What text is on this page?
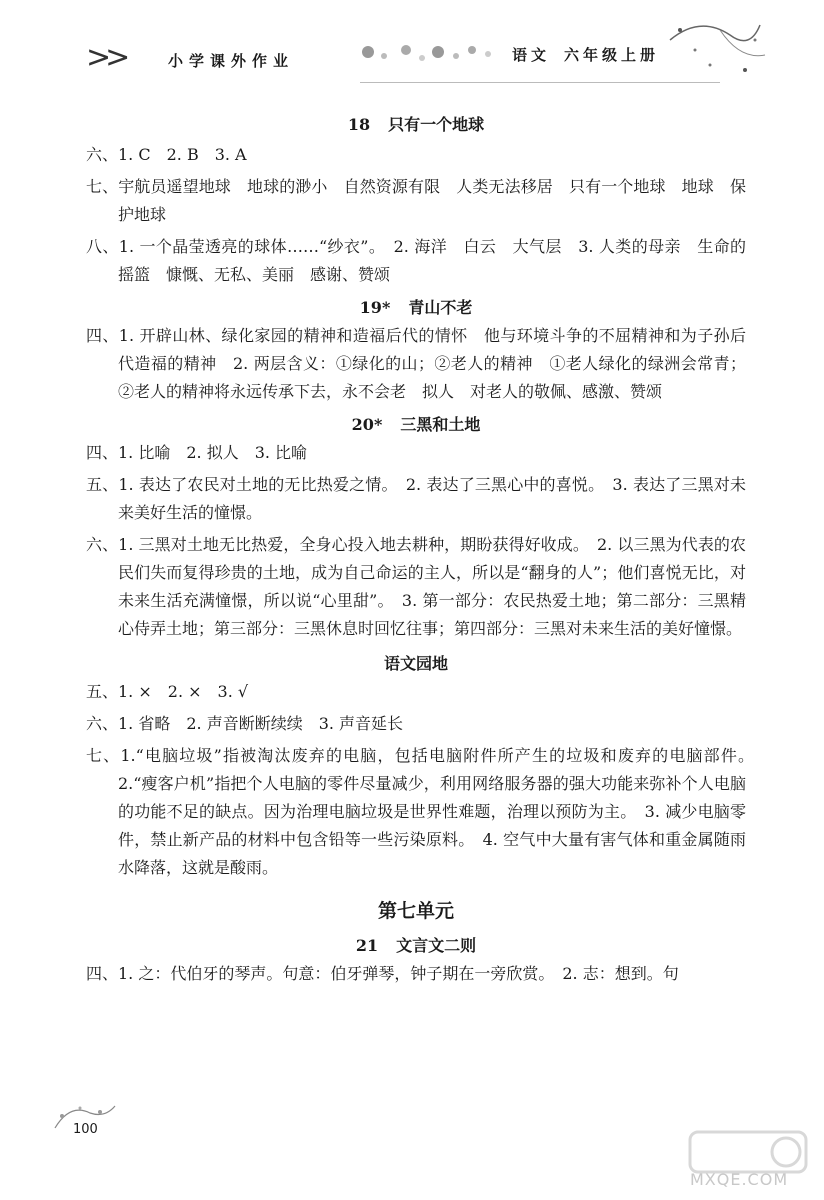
>>	小学课外作业	语文 六年级上册

18 只有一个地球

六、1. C　2. B　3. A

七、宇航员遥望地球　地球的渺小　自然资源有限　人类无法移居　只有一个地球　地球　保护地球

八、1. 一个晶莹透亮的球体……“纱衣”。　2. 海洋　白云　大气层　3. 人类的母亲　生命的摇篮　慷慨、无私、美丽　感谢、赞颂

19* 青山不老

四、1. 开辟山林、绿化家园的精神和造福后代的情怀　他与环境斗争的不屈精神和为子孙后代造福的精神　2. 两层含义：①绿化的山；②老人的精神　①老人绿化的绿洲会常青；②老人的精神将永远传承下去，永不会老　拟人　对老人的敬佩、感激、赞颂

20* 三黑和土地

四、1. 比喻　2. 拟人　3. 比喻

五、1. 表达了农民对土地的无比热爱之情。　2. 表达了三黑心中的喜悦。　3. 表达了三黑对未来美好生活的憧憬。

六、1. 三黑对土地无比热爱，全身心投入地去耕种，期盼获得好收成。　2. 以三黑为代表的农民们失而复得珍贵的土地，成为自己命运的主人，所以是“翻身的人”；他们喜悦无比，对未来生活充满憧憬，所以说“心里甜”。　3. 第一部分：农民热爱土地；第二部分：三黑精心侍弄土地；第三部分：三黑休息时回忆往事；第四部分：三黑对未来生活的美好憧憬。

语文园地

五、1. ×　2. ×　3. √

六、1. 省略　2. 声音断断续续　3. 声音延长

七、1.“电脑垃圾”指被淘汰废弃的电脑，包括电脑附件所产生的垃圾和废弃的电脑部件。　2.“瘦客户机”指把个人电脑的零件尽量减少，利用网络服务器的强大功能来弥补个人电脑的功能不足的缺点。因为治理电脑垃圾是世界性难题，治理以预防为主。　3. 减少电脑零件，禁止新产品的材料中包含铅等一些污染原料。　4. 空气中大量有害气体和重金属随雨水降落，这就是酸雨。

第七单元

21 文言文二则

四、1. 之：代伯牙的琴声。句意：伯牙弹琴，钟子期在一旁欣赏。　2. 志：想到。句

100
MXQE.COM
